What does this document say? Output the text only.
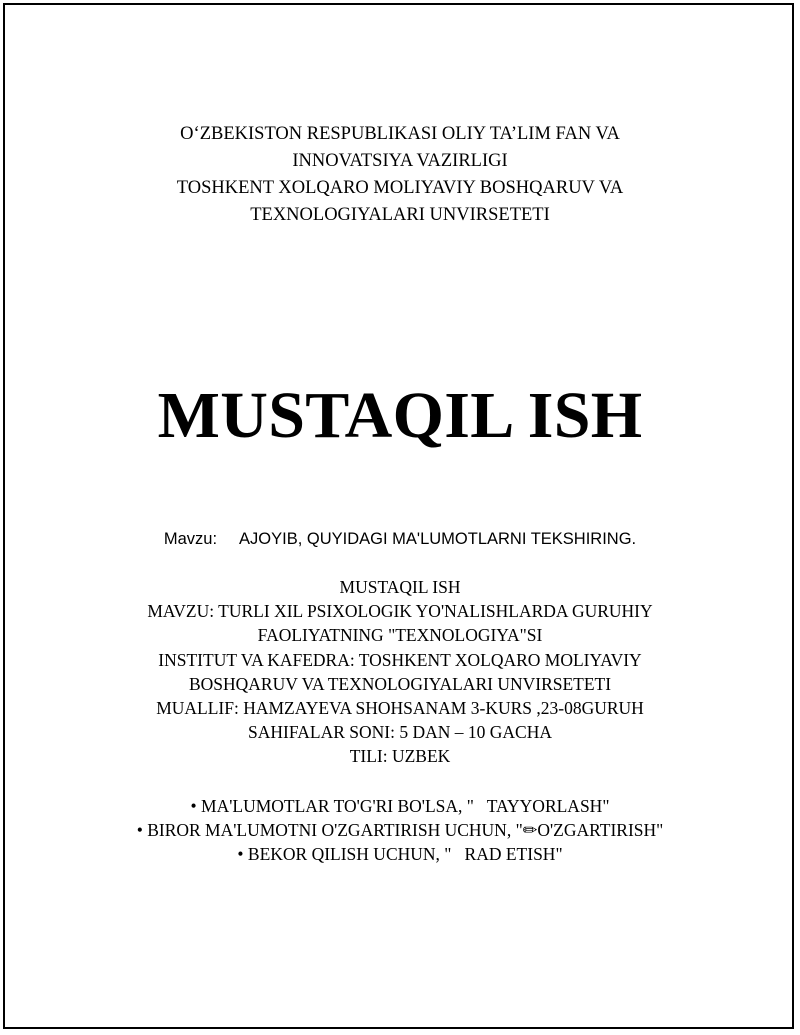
O‘ZBEKISTON RESPUBLIKASI OLIY TA’LIM FAN VA
INNOVATSIYA VAZIRLIGI
TOSHKENT XOLQARO MOLIYAVIY BOSHQARUV VA
TEXNOLOGIYALARI UNVIRSETETI
MUSTAQIL ISH
Mavzu: AJOYIB, QUYIDAGI MA'LUMOTLARNI TEKSHIRING.
MUSTAQIL ISH
MAVZU: TURLI XIL PSIXOLOGIK YO'NALISHLARDA GURUHIY
FAOLIYATNING "TEXNOLOGIYA"SI
INSTITUT VA KAFEDRA: TOSHKENT XOLQARO MOLIYAVIY
BOSHQARUV VA TEXNOLOGIYALARI UNVIRSETETI
MUALLIF: HAMZAYEVA SHOHSANAM 3-KURS ,23-08GURUH
SAHIFALAR SONI: 5 DAN – 10 GACHA
TILI: UZBEK
• MA'LUMOTLAR TO'G'RI BO'LSA, "   TAYYORLASH"
• BIROR MA'LUMOTNI O'ZGARTIRISH UCHUN, "✏O'ZGARTIRISH"
• BEKOR QILISH UCHUN, "   RAD ETISH"
